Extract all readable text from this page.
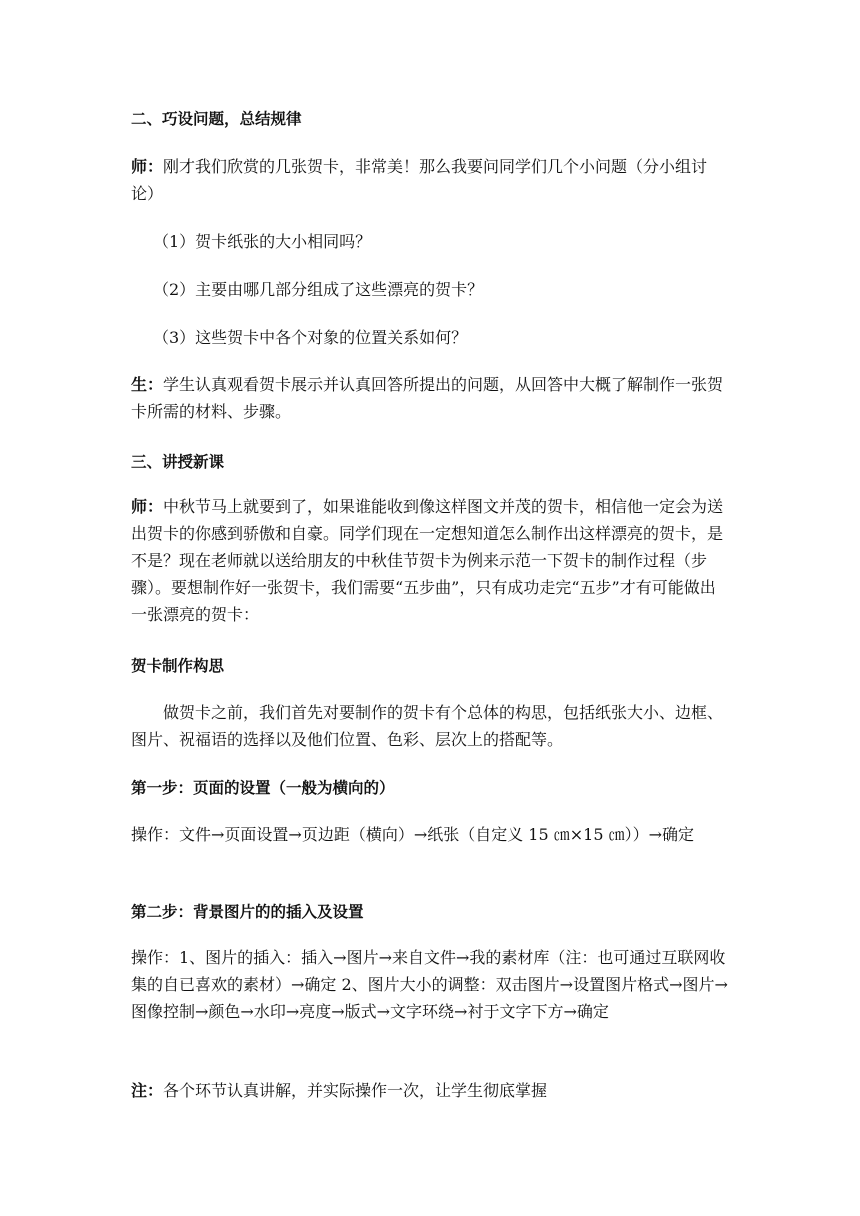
二、巧设问题，总结规律

师：刚才我们欣赏的几张贺卡，非常美！那么我要问同学们几个小问题（分小组讨论）

（1）贺卡纸张的大小相同吗？
（2）主要由哪几部分组成了这些漂亮的贺卡？
（3）这些贺卡中各个对象的位置关系如何？

生：学生认真观看贺卡展示并认真回答所提出的问题，从回答中大概了解制作一张贺卡所需的材料、步骤。

三、讲授新课

师：中秋节马上就要到了，如果谁能收到像这样图文并茂的贺卡，相信他一定会为送出贺卡的你感到骄傲和自豪。同学们现在一定想知道怎么制作出这样漂亮的贺卡，是不是？现在老师就以送给朋友的中秋佳节贺卡为例来示范一下贺卡的制作过程（步骤）。要想制作好一张贺卡，我们需要“五步曲”，只有成功走完“五步”才有可能做出一张漂亮的贺卡：

贺卡制作构思

做贺卡之前，我们首先对要制作的贺卡有个总体的构思，包括纸张大小、边框、图片、祝福语的选择以及他们位置、色彩、层次上的搭配等。

第一步：页面的设置（一般为横向的）

操作：文件→页面设置→页边距（横向）→纸张（自定义 15 ㎝×15 ㎝））→确定

第二步：背景图片的的插入及设置

操作：1、图片的插入：插入→图片→来自文件→我的素材库（注：也可通过互联网收集的自已喜欢的素材）→确定 2、图片大小的调整：双击图片→设置图片格式→图片→图像控制→颜色→水印→亮度→版式→文字环绕→衬于文字下方→确定

注：各个环节认真讲解，并实际操作一次，让学生彻底掌握
